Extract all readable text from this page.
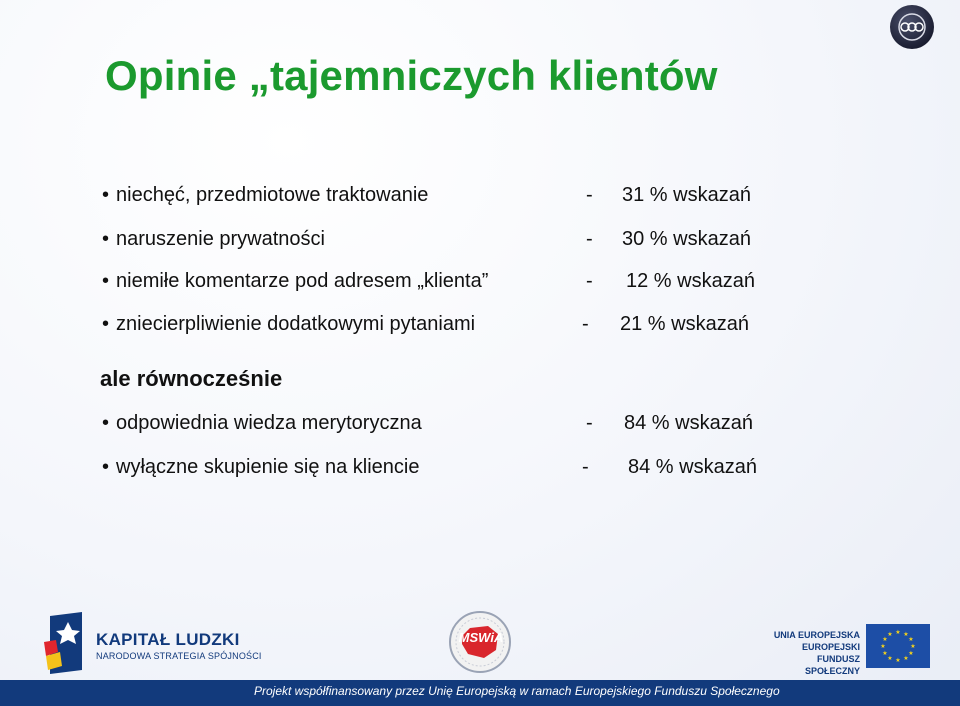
Opinie „tajemniczych klientów
• niechęć, przedmiotowe traktowanie	- 31 % wskazań
• naruszenie prywatności	- 30 % wskazań
• niemiłe komentarze pod adresem „klienta”	- 12 % wskazań
• zniecierpliwienie dodatkowymi pytaniami	- 21 % wskazań
ale równocześnie
• odpowiednia wiedza merytoryczna	- 84 % wskazań
• wyłączne skupienie się na kliencie	- 84 % wskazań
KAPITAŁ LUDZKI
NARODOWA STRATEGIA SPÓJNOŚCI
MSWiA	UNIA EUROPEJSKA
EUROPEJSKI
FUNDUSZ SPOŁECZNY
★ ★
★
★
★
★
★
★
★
★
★
★
Projekt współfinansowany przez Unię Europejską w ramach Europejskiego Funduszu Społecznego
